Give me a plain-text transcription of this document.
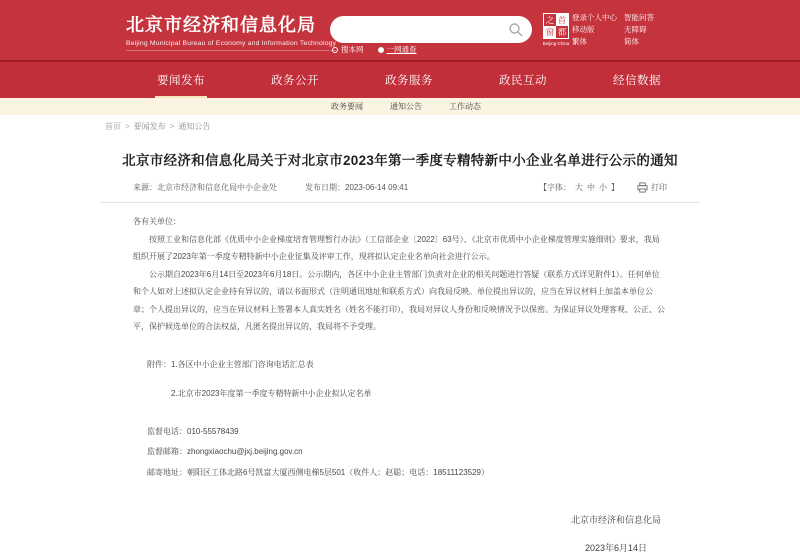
北京市经济和信息化局
Beijing Municipal Bureau of Economy and Information Technology
搜本网	一网通查
之 首
窗 都
Beijing·China
登录个人中心
移动版
繁体
智能问答
无障碍
简体
要闻发布	政务公开	政务服务	政民互动	经信数据
政务要闻	通知公告	工作动态
首页 > 要闻发布 > 通知公告
北京市经济和信息化局关于对北京市2023年第一季度专精特新中小企业名单进行公示的通知
来源：北京市经济和信息化局中小企业处	发布日期：2023-06-14 09:41	【字体： 大 中 小 】	打印

各有关单位：

按照工业和信息化部《优质中小企业梯度培育管理暂行办法》（工信部企业〔2022〕63号）、《北京市优质中小企业梯度管理实施细则》要求，我局组织开展了2023年第一季度专精特新中小企业征集及评审工作，现将拟认定企业名单向社会进行公示。

公示期自2023年6月14日至2023年6月18日。公示期内，各区中小企业主管部门负责对企业的相关问题进行答疑（联系方式详见附件1）。任何单位和个人如对上述拟认定企业持有异议的，请以书面形式（注明通讯地址和联系方式）向我局反映。单位提出异议的，应当在异议材料上加盖本单位公章；个人提出异议的，应当在异议材料上签署本人真实姓名（姓名不能打印），我局对异议人身份和反映情况予以保密。为保证异议处理客观、公正、公平，保护候选单位的合法权益，凡匿名提出异议的，我局将不予受理。

附件：1.各区中小企业主管部门咨询电话汇总表

2.北京市2023年度第一季度专精特新中小企业拟认定名单

监督电话：010-55578439

监督邮箱：zhongxiaochu@jxj.beijing.gov.cn

邮寄地址：朝阳区工体北路6号凯富大厦西侧电梯5层501（收件人：赵聪；电话：18511123529）

北京市经济和信息化局
2023年6月14日
